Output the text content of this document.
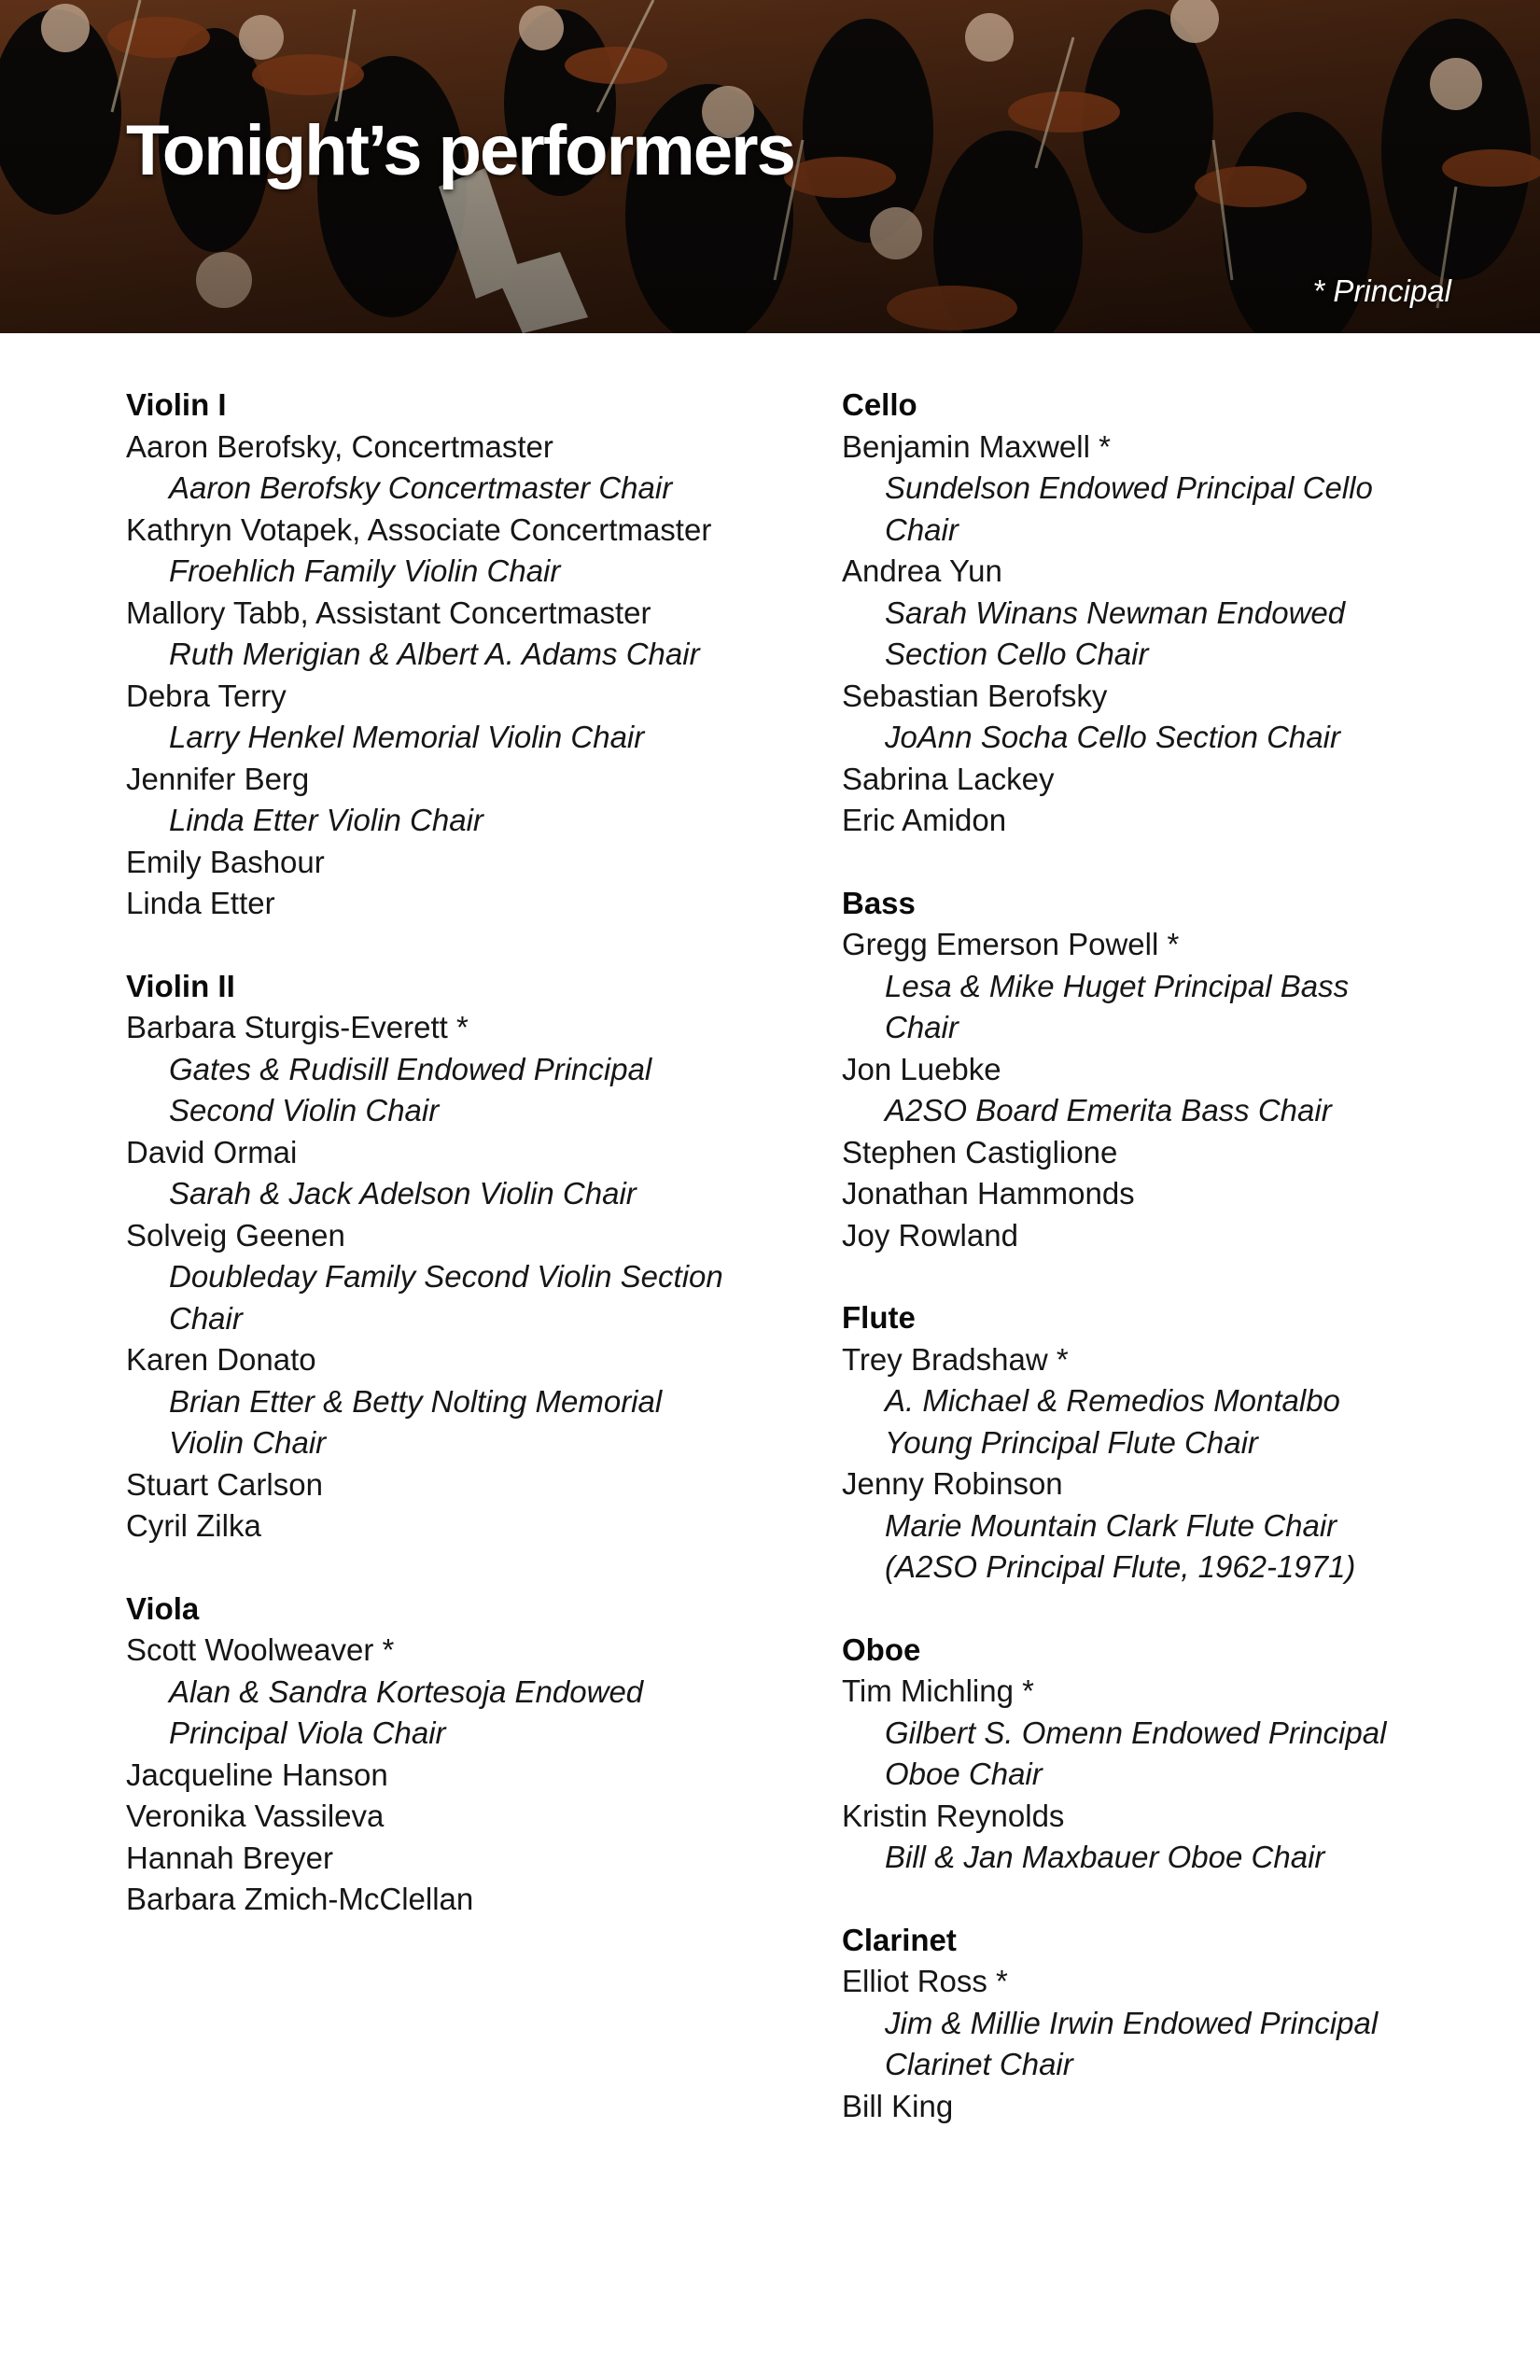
Tonight’s performers
* Principal
Violin I
Aaron Berofsky, Concertmaster
Aaron Berofsky Concertmaster Chair
Kathryn Votapek, Associate Concertmaster
Froehlich Family Violin Chair
Mallory Tabb, Assistant Concertmaster
Ruth Merigian & Albert A. Adams Chair
Debra Terry
Larry Henkel Memorial Violin Chair
Jennifer Berg
Linda Etter Violin Chair
Emily Bashour
Linda Etter
Violin II
Barbara Sturgis-Everett *
Gates & Rudisill Endowed Principal
Second Violin Chair
David Ormai
Sarah & Jack Adelson Violin Chair
Solveig Geenen
Doubleday Family Second Violin Section
Chair
Karen Donato
Brian Etter & Betty Nolting Memorial
Violin Chair
Stuart Carlson
Cyril Zilka
Viola
Scott Woolweaver *
Alan & Sandra Kortesoja Endowed
Principal Viola Chair
Jacqueline Hanson
Veronika Vassileva
Hannah Breyer
Barbara Zmich-McClellan
Cello
Benjamin Maxwell *
Sundelson Endowed Principal Cello
Chair
Andrea Yun
Sarah Winans Newman Endowed
Section Cello Chair
Sebastian Berofsky
JoAnn Socha Cello Section Chair
Sabrina Lackey
Eric Amidon
Bass
Gregg Emerson Powell *
Lesa & Mike Huget Principal Bass
Chair
Jon Luebke
A2SO Board Emerita Bass Chair
Stephen Castiglione
Jonathan Hammonds
Joy Rowland
Flute
Trey Bradshaw *
A. Michael & Remedios Montalbo
Young Principal Flute Chair
Jenny Robinson
Marie Mountain Clark Flute Chair
(A2SO Principal Flute, 1962-1971)
Oboe
Tim Michling *
Gilbert S. Omenn Endowed Principal
Oboe Chair
Kristin Reynolds
Bill & Jan Maxbauer Oboe Chair
Clarinet
Elliot Ross *
Jim & Millie Irwin Endowed Principal
Clarinet Chair
Bill King
